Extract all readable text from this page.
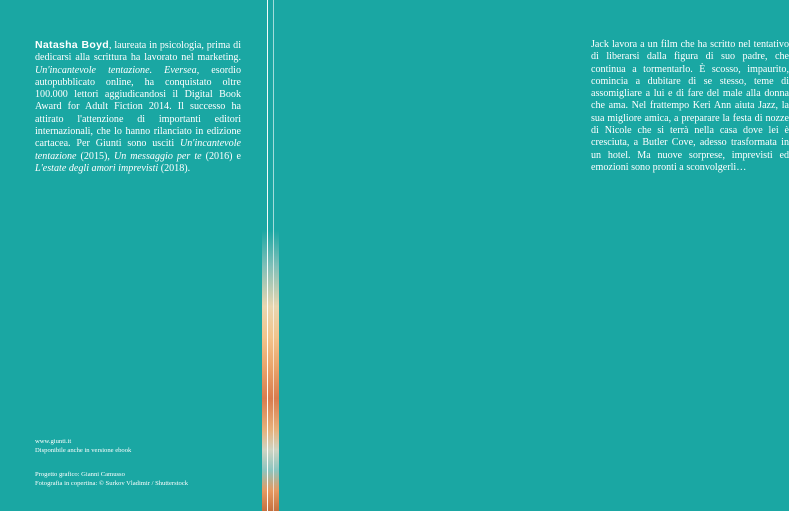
Natasha Boyd, laureata in psicologia, prima di dedicarsi alla scrittura ha lavorato nel marketing. Un'incantevole tentazione. Eversea, esordio autopubblicato online, ha conquistato oltre 100.000 lettori aggiudicandosi il Digital Book Award for Adult Fiction 2014. Il successo ha attirato l'attenzione di importanti editori internazionali, che lo hanno rilanciato in edizione cartacea. Per Giunti sono usciti Un'incantevole tentazione (2015), Un messaggio per te (2016) e L'estate degli amori imprevisti (2018).

www.giunti.it

Disponibile anche in versione ebook

Progetto grafico: Gianni Camusso

Fotografia in copertina: © Surkov Vladimir / Shutterstock

Jack lavora a un film che ha scritto nel tentativo di liberarsi dalla figura di suo padre, che continua a tormentarlo. È scosso, impaurito, comincia a dubitare di se stesso, teme di assomigliare a lui e di fare del male alla donna che ama. Nel frattempo Keri Ann aiuta Jazz, la sua migliore amica, a preparare la festa di nozze di Nicole che si terrà nella casa dove lei è cresciuta, a Butler Cove, adesso trasformata in un hotel. Ma nuove sorprese, imprevisti ed emozioni sono pronti a sconvolgerli…
